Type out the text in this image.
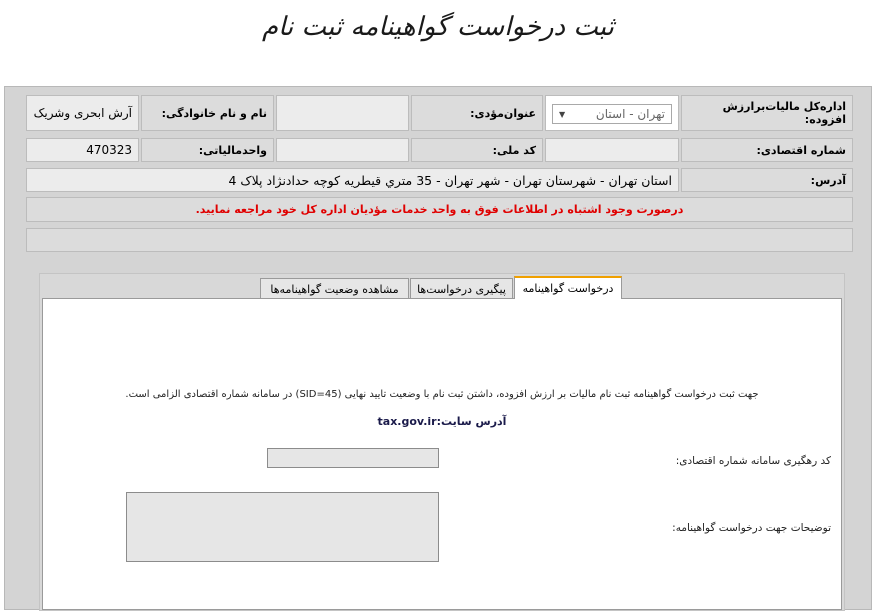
ثبت درخواست گواهینامه ثبت نام
اداره‌کل مالیات‌برارزش افزوده:
تهران - استان
▼
عنوان‌مؤدی:
نام و نام خانوادگی:
آرش ابحری وشریک
شماره اقتصادی:
کد ملی:
واحدمالیاتی:
470323
آدرس:
استان تهران - شهرستان تهران - شهر تهران - 35 متري قيطريه كوچه حدادنژاد پلاک 4
درصورت وجود اشتباه در اطلاعات فوق به واحد خدمات مؤدیان اداره کل خود مراجعه نمایید.
درخواست گواهینامه
پیگیری درخواست‌ها
مشاهده وضعیت گواهینامه‌ها
جهت ثبت درخواست گواهینامه ثبت نام مالیات بر ارزش افزوده، داشتن ثبت نام با وضعیت تایید نهایی (SID=45) در سامانه شماره اقتصادی الزامی است.
آدرس سایت:tax.gov.ir
کد رهگیری سامانه شماره اقتصادی:
توضیحات جهت درخواست گواهینامه:
